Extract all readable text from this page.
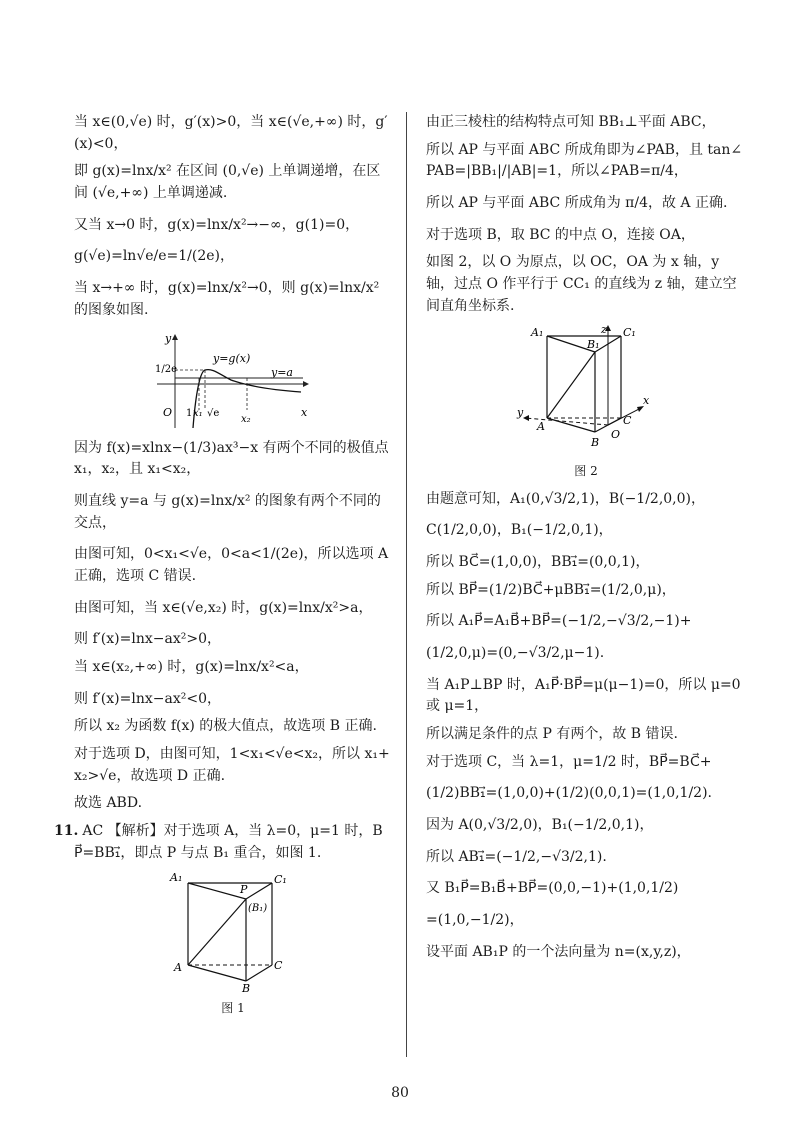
当 x∈(0,√e) 时，g′(x)>0，当 x∈(√e,+∞) 时，g′(x)<0，

即 g(x)=lnx/x² 在区间 (0,√e) 上单调递增，在区间 (√e,+∞) 上单调递减.

又当 x→0 时，g(x)=lnx/x²→−∞，g(1)=0，

g(√e)=ln√e/e=1/(2e)，

当 x→+∞ 时，g(x)=lnx/x²→0，则 g(x)=lnx/x² 的图象如图.

y
x
O
1/2e
y=g(x)
y=a
1 x₁ √e
x₂

因为 f(x)=xlnx−(1/3)ax³−x 有两个不同的极值点 x₁，x₂，且 x₁<x₂，

则直线 y=a 与 g(x)=lnx/x² 的图象有两个不同的交点，

由图可知，0<x₁<√e，0<a<1/(2e)，所以选项 A 正确，选项 C 错误.

由图可知，当 x∈(√e,x₂) 时，g(x)=lnx/x²>a，

则 f′(x)=lnx−ax²>0，

当 x∈(x₂,+∞) 时，g(x)=lnx/x²<a，

则 f′(x)=lnx−ax²<0，

所以 x₂ 为函数 f(x) 的极大值点，故选项 B 正确.

对于选项 D，由图可知，1<x₁<√e<x₂，所以 x₁+x₂>√e，故选项 D 正确.

故选 ABD.

11. AC 【解析】对于选项 A，当 λ=0，μ=1 时，BP⃗=BB₁⃗，即点 P 与点 B₁ 重合，如图 1.

A₁	C₁
P
(B₁)
A	C
B

图 1

由正三棱柱的结构特点可知 BB₁⊥平面 ABC，

所以 AP 与平面 ABC 所成角即为∠PAB，且 tan∠PAB=|BB₁|/|AB|=1，所以∠PAB=π/4，

所以 AP 与平面 ABC 所成角为 π/4，故 A 正确.

对于选项 B，取 BC 的中点 O，连接 OA，

如图 2，以 O 为原点，以 OC，OA 为 x 轴，y 轴，过点 O 作平行于 CC₁ 的直线为 z 轴，建立空间直角坐标系.

A₁	C₁
B₁
z
x
y
A	C
O
B

图 2

由题意可知，A₁(0,√3/2,1)，B(−1/2,0,0)，

C(1/2,0,0)，B₁(−1/2,0,1)，

所以 BC⃗=(1,0,0)，BB₁⃗=(0,0,1)，

所以 BP⃗=(1/2)BC⃗+μBB₁⃗=(1/2,0,μ)，

所以 A₁P⃗=A₁B⃗+BP⃗=(−1/2,−√3/2,−1)+

(1/2,0,μ)=(0,−√3/2,μ−1).

当 A₁P⊥BP 时，A₁P⃗·BP⃗=μ(μ−1)=0，所以 μ=0 或 μ=1，

所以满足条件的点 P 有两个，故 B 错误.

对于选项 C，当 λ=1，μ=1/2 时，BP⃗=BC⃗+

(1/2)BB₁⃗=(1,0,0)+(1/2)(0,0,1)=(1,0,1/2).

因为 A(0,√3/2,0)，B₁(−1/2,0,1)，

所以 AB₁⃗=(−1/2,−√3/2,1).

又 B₁P⃗=B₁B⃗+BP⃗=(0,0,−1)+(1,0,1/2)

=(1,0,−1/2)，

设平面 AB₁P 的一个法向量为 n=(x,y,z)，

80
